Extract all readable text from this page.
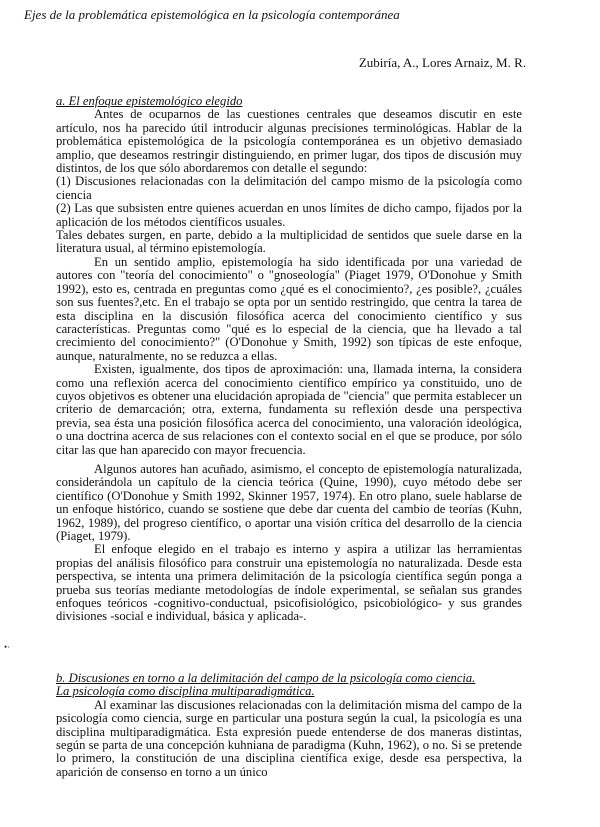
Ejes de la problemática epistemológica en la psicología contemporánea
Zubiría, A., Lores Arnaiz, M. R.
a. El enfoque epistemológico elegido

Antes de ocuparnos de las cuestiones centrales que deseamos discutir en este artículo, nos ha parecido útil introducir algunas precisiones terminológicas. Hablar de la problemática epistemológica de la psicología contemporánea es un objetivo demasiado amplio, que deseamos restringir distinguiendo, en primer lugar, dos tipos de discusión muy distintos, de los que sólo abordaremos con detalle el segundo:

(1) Discusiones relacionadas con la delimitación del campo mismo de la psicología como ciencia

(2) Las que subsisten entre quienes acuerdan en unos límites de dicho campo, fijados por la aplicación de los métodos científicos usuales.

Tales debates surgen, en parte, debido a la multiplicidad de sentidos que suele darse en la literatura usual, al término epistemología.

En un sentido amplio, epistemología ha sido identificada por una variedad de autores con "teoría del conocimiento" o "gnoseología" (Piaget 1979, O'Donohue y Smith 1992), esto es, centrada en preguntas como ¿qué es el conocimiento?, ¿es posible?, ¿cuáles son sus fuentes?,etc. En el trabajo se opta por un sentido restringido, que centra la tarea de esta disciplina en la discusión filosófica acerca del conocimiento científico y sus características. Preguntas como "qué es lo especial de la ciencia, que ha llevado a tal crecimiento del conocimiento?" (O'Donohue y Smith, 1992) son típicas de este enfoque, aunque, naturalmente, no se reduzca a ellas.

Existen, igualmente, dos tipos de aproximación: una, llamada interna, la considera como una reflexión acerca del conocimiento científico empírico ya constituido, uno de cuyos objetivos es obtener una elucidación apropiada de "ciencia" que permita establecer un criterio de demarcación; otra, externa, fundamenta su reflexión desde una perspectiva previa, sea ésta una posición filosófica acerca del conocimiento, una valoración ideológica, o una doctrina acerca de sus relaciones con el contexto social en el que se produce, por sólo citar las que han aparecido con mayor frecuencia.

Algunos autores han acuñado, asimismo, el concepto de epistemología naturalizada, considerándola un capítulo de la ciencia teórica (Quine, 1990), cuyo método debe ser científico (O'Donohue y Smith 1992, Skinner 1957, 1974). En otro plano, suele hablarse de un enfoque histórico, cuando se sostiene que debe dar cuenta del cambio de teorías (Kuhn, 1962, 1989), del progreso científico, o aportar una visión crítica del desarrollo de la ciencia (Piaget, 1979).

El enfoque elegido en el trabajo es interno y aspira a utilizar las herramientas propias del análisis filosófico para construir una epistemología no naturalizada. Desde esta perspectiva, se intenta una primera delimitación de la psicología científica según ponga a prueba sus teorías mediante metodologías de índole experimental, se señalan sus grandes enfoques teóricos -cognitivo-conductual, psicofisiológico, psicobiológico- y sus grandes divisiones -social e individual, básica y aplicada-.

•·
b. Discusiones en torno a la delimitación del campo de la psicología como ciencia.
La psicología como disciplina multiparadigmática.

Al examinar las discusiones relacionadas con la delimitación misma del campo de la psicología como ciencia, surge en particular una postura según la cual, la psicología es una disciplina multiparadigmática. Esta expresión puede entenderse de dos maneras distintas, según se parta de una concepción kuhniana de paradigma (Kuhn, 1962), o no. Si se pretende lo primero, la constitución de una disciplina científica exige, desde esa perspectiva, la aparición de consenso en torno a un único
